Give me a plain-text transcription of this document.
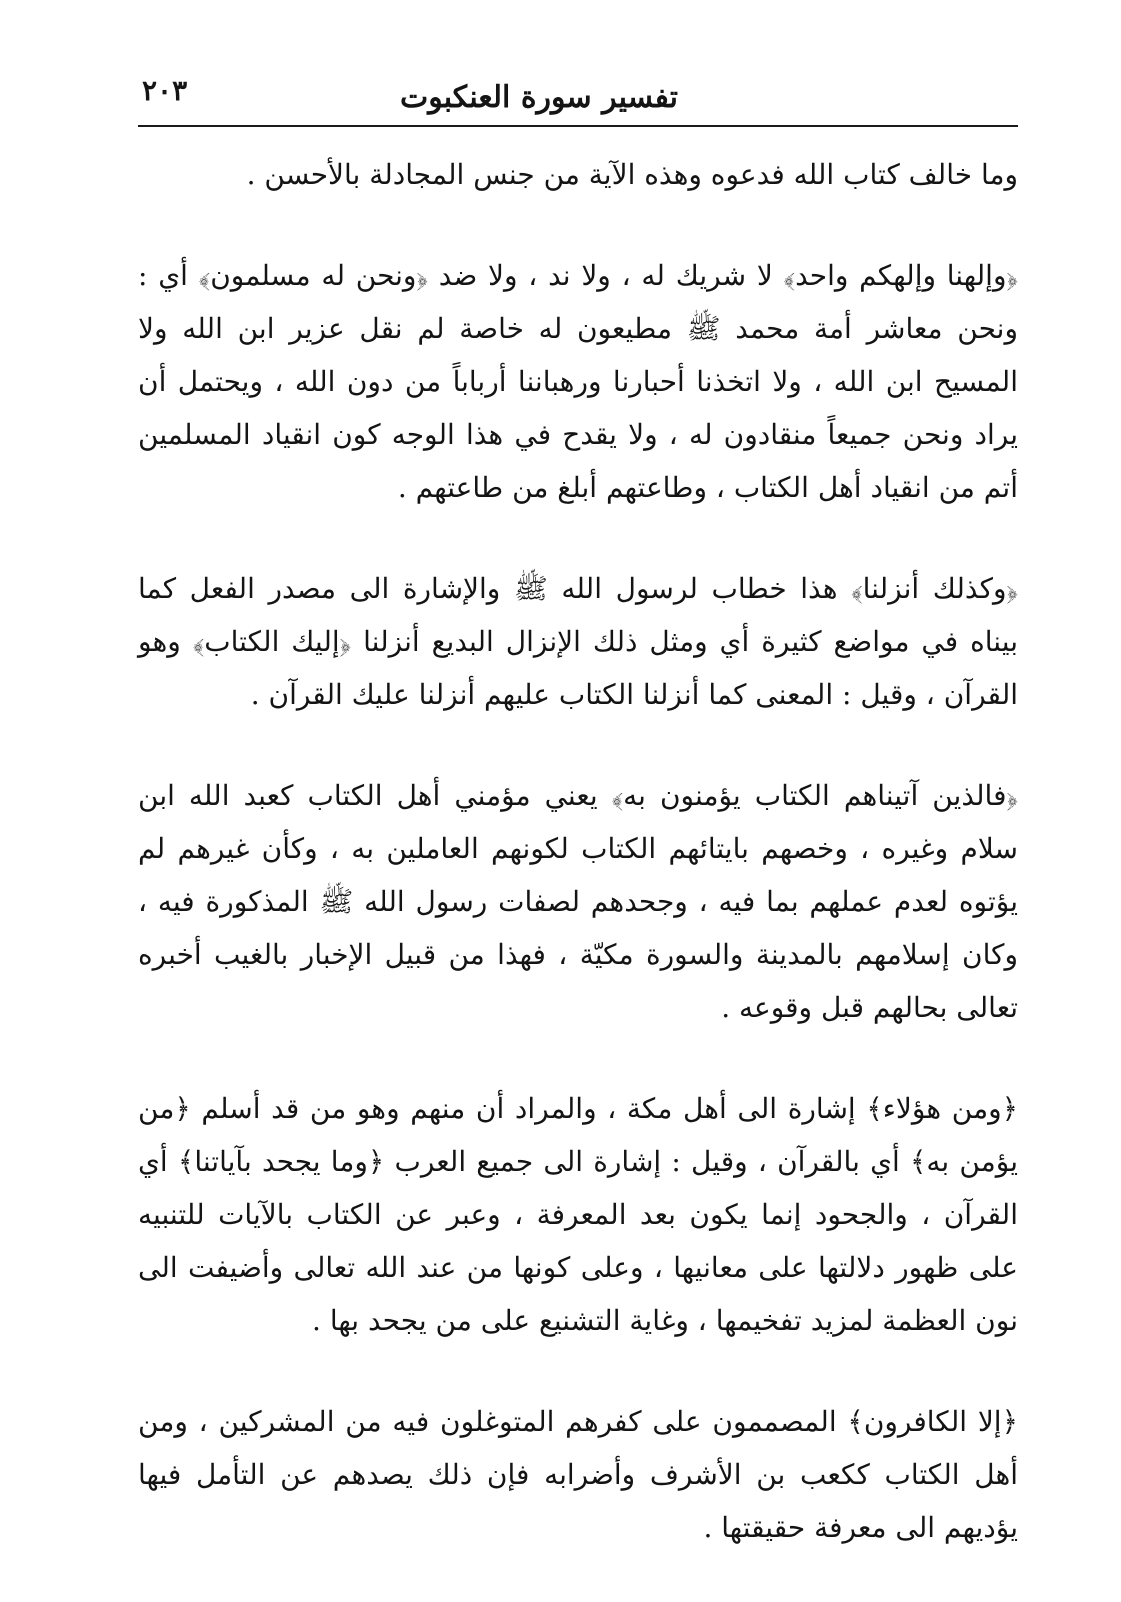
تفسير سورة العنكبوت
٢٠٣

وما خالف كتاب الله فدعوه وهذه الآية من جنس المجادلة بالأحسن .

﴿وإلهنا وإلهكم واحد﴾ لا شريك له ، ولا ند ، ولا ضد ﴿ونحن له مسلمون﴾ أي : ونحن معاشر أمة محمد ﷺ مطيعون له خاصة لم نقل عزير ابن الله ولا المسيح ابن الله ، ولا اتخذنا أحبارنا ورهباننا أرباباً من دون الله ، ويحتمل أن يراد ونحن جميعاً منقادون له ، ولا يقدح في هذا الوجه كون انقياد المسلمين أتم من انقياد أهل الكتاب ، وطاعتهم أبلغ من طاعتهم .

﴿وكذلك أنزلنا﴾ هذا خطاب لرسول الله ﷺ والإشارة الى مصدر الفعل كما بيناه في مواضع كثيرة أي ومثل ذلك الإنزال البديع أنزلنا ﴿إليك الكتاب﴾ وهو القرآن ، وقيل : المعنى كما أنزلنا الكتاب عليهم أنزلنا عليك القرآن .

﴿فالذين آتيناهم الكتاب يؤمنون به﴾ يعني مؤمني أهل الكتاب كعبد الله ابن سلام وغيره ، وخصهم بايتائهم الكتاب لكونهم العاملين به ، وكأن غيرهم لم يؤتوه لعدم عملهم بما فيه ، وجحدهم لصفات رسول الله ﷺ المذكورة فيه ، وكان إسلامهم بالمدينة والسورة مكيّة ، فهذا من قبيل الإخبار بالغيب أخبره تعالى بحالهم قبل وقوعه .

﴿ومن هؤلاء﴾ إشارة الى أهل مكة ، والمراد أن منهم وهو من قد أسلم ﴿من يؤمن به﴾ أي بالقرآن ، وقيل : إشارة الى جميع العرب ﴿وما يجحد بآياتنا﴾ أي القرآن ، والجحود إنما يكون بعد المعرفة ، وعبر عن الكتاب بالآيات للتنبيه على ظهور دلالتها على معانيها ، وعلى كونها من عند الله تعالى وأضيفت الى نون العظمة لمزيد تفخيمها ، وغاية التشنيع على من يجحد بها .

﴿إلا الكافرون﴾ المصممون على كفرهم المتوغلون فيه من المشركين ، ومن أهل الكتاب ككعب بن الأشرف وأضرابه فإن ذلك يصدهم عن التأمل فيها يؤديهم الى معرفة حقيقتها .
